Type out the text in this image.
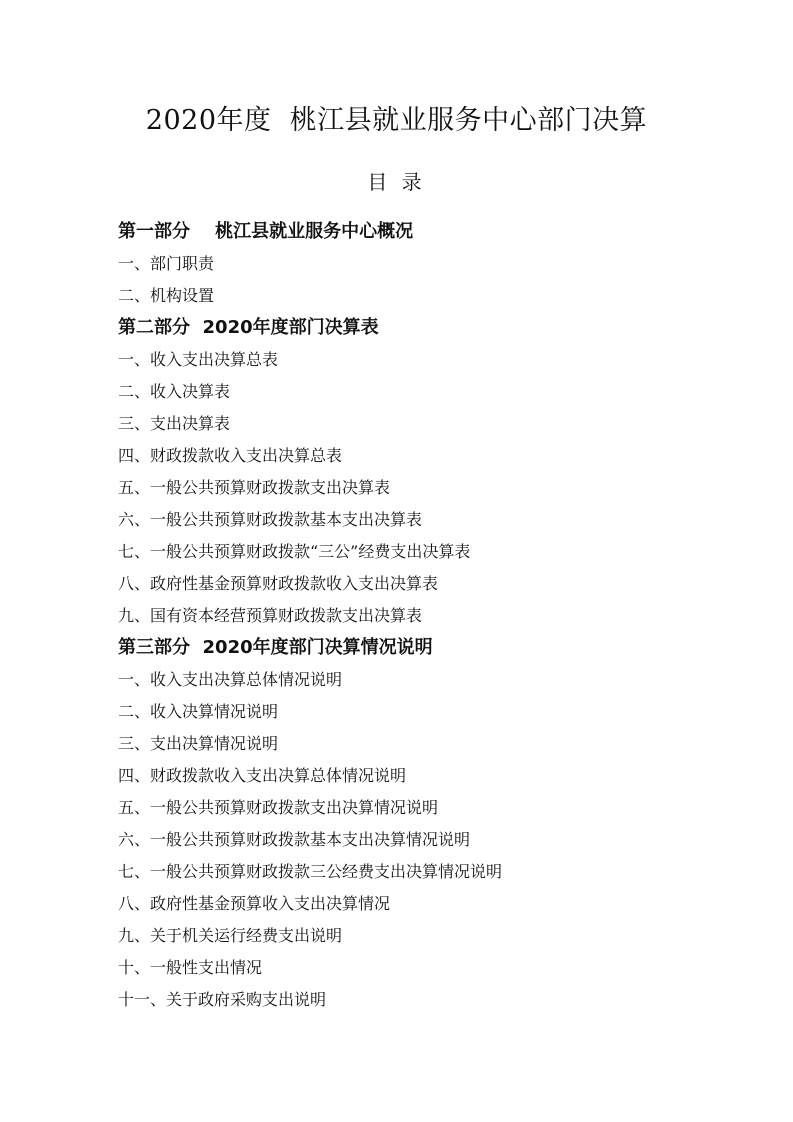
2020年度  桃江县就业服务中心部门决算
目 录
第一部分    桃江县就业服务中心概况
一、部门职责
二、机构设置
第二部分  2020年度部门决算表
一、收入支出决算总表
二、收入决算表
三、支出决算表
四、财政拨款收入支出决算总表
五、一般公共预算财政拨款支出决算表
六、一般公共预算财政拨款基本支出决算表
七、一般公共预算财政拨款“三公”经费支出决算表
八、政府性基金预算财政拨款收入支出决算表
九、国有资本经营预算财政拨款支出决算表
第三部分  2020年度部门决算情况说明
一、收入支出决算总体情况说明
二、收入决算情况说明
三、支出决算情况说明
四、财政拨款收入支出决算总体情况说明
五、一般公共预算财政拨款支出决算情况说明
六、一般公共预算财政拨款基本支出决算情况说明
七、一般公共预算财政拨款三公经费支出决算情况说明
八、政府性基金预算收入支出决算情况
九、关于机关运行经费支出说明
十、一般性支出情况
十一、关于政府采购支出说明
